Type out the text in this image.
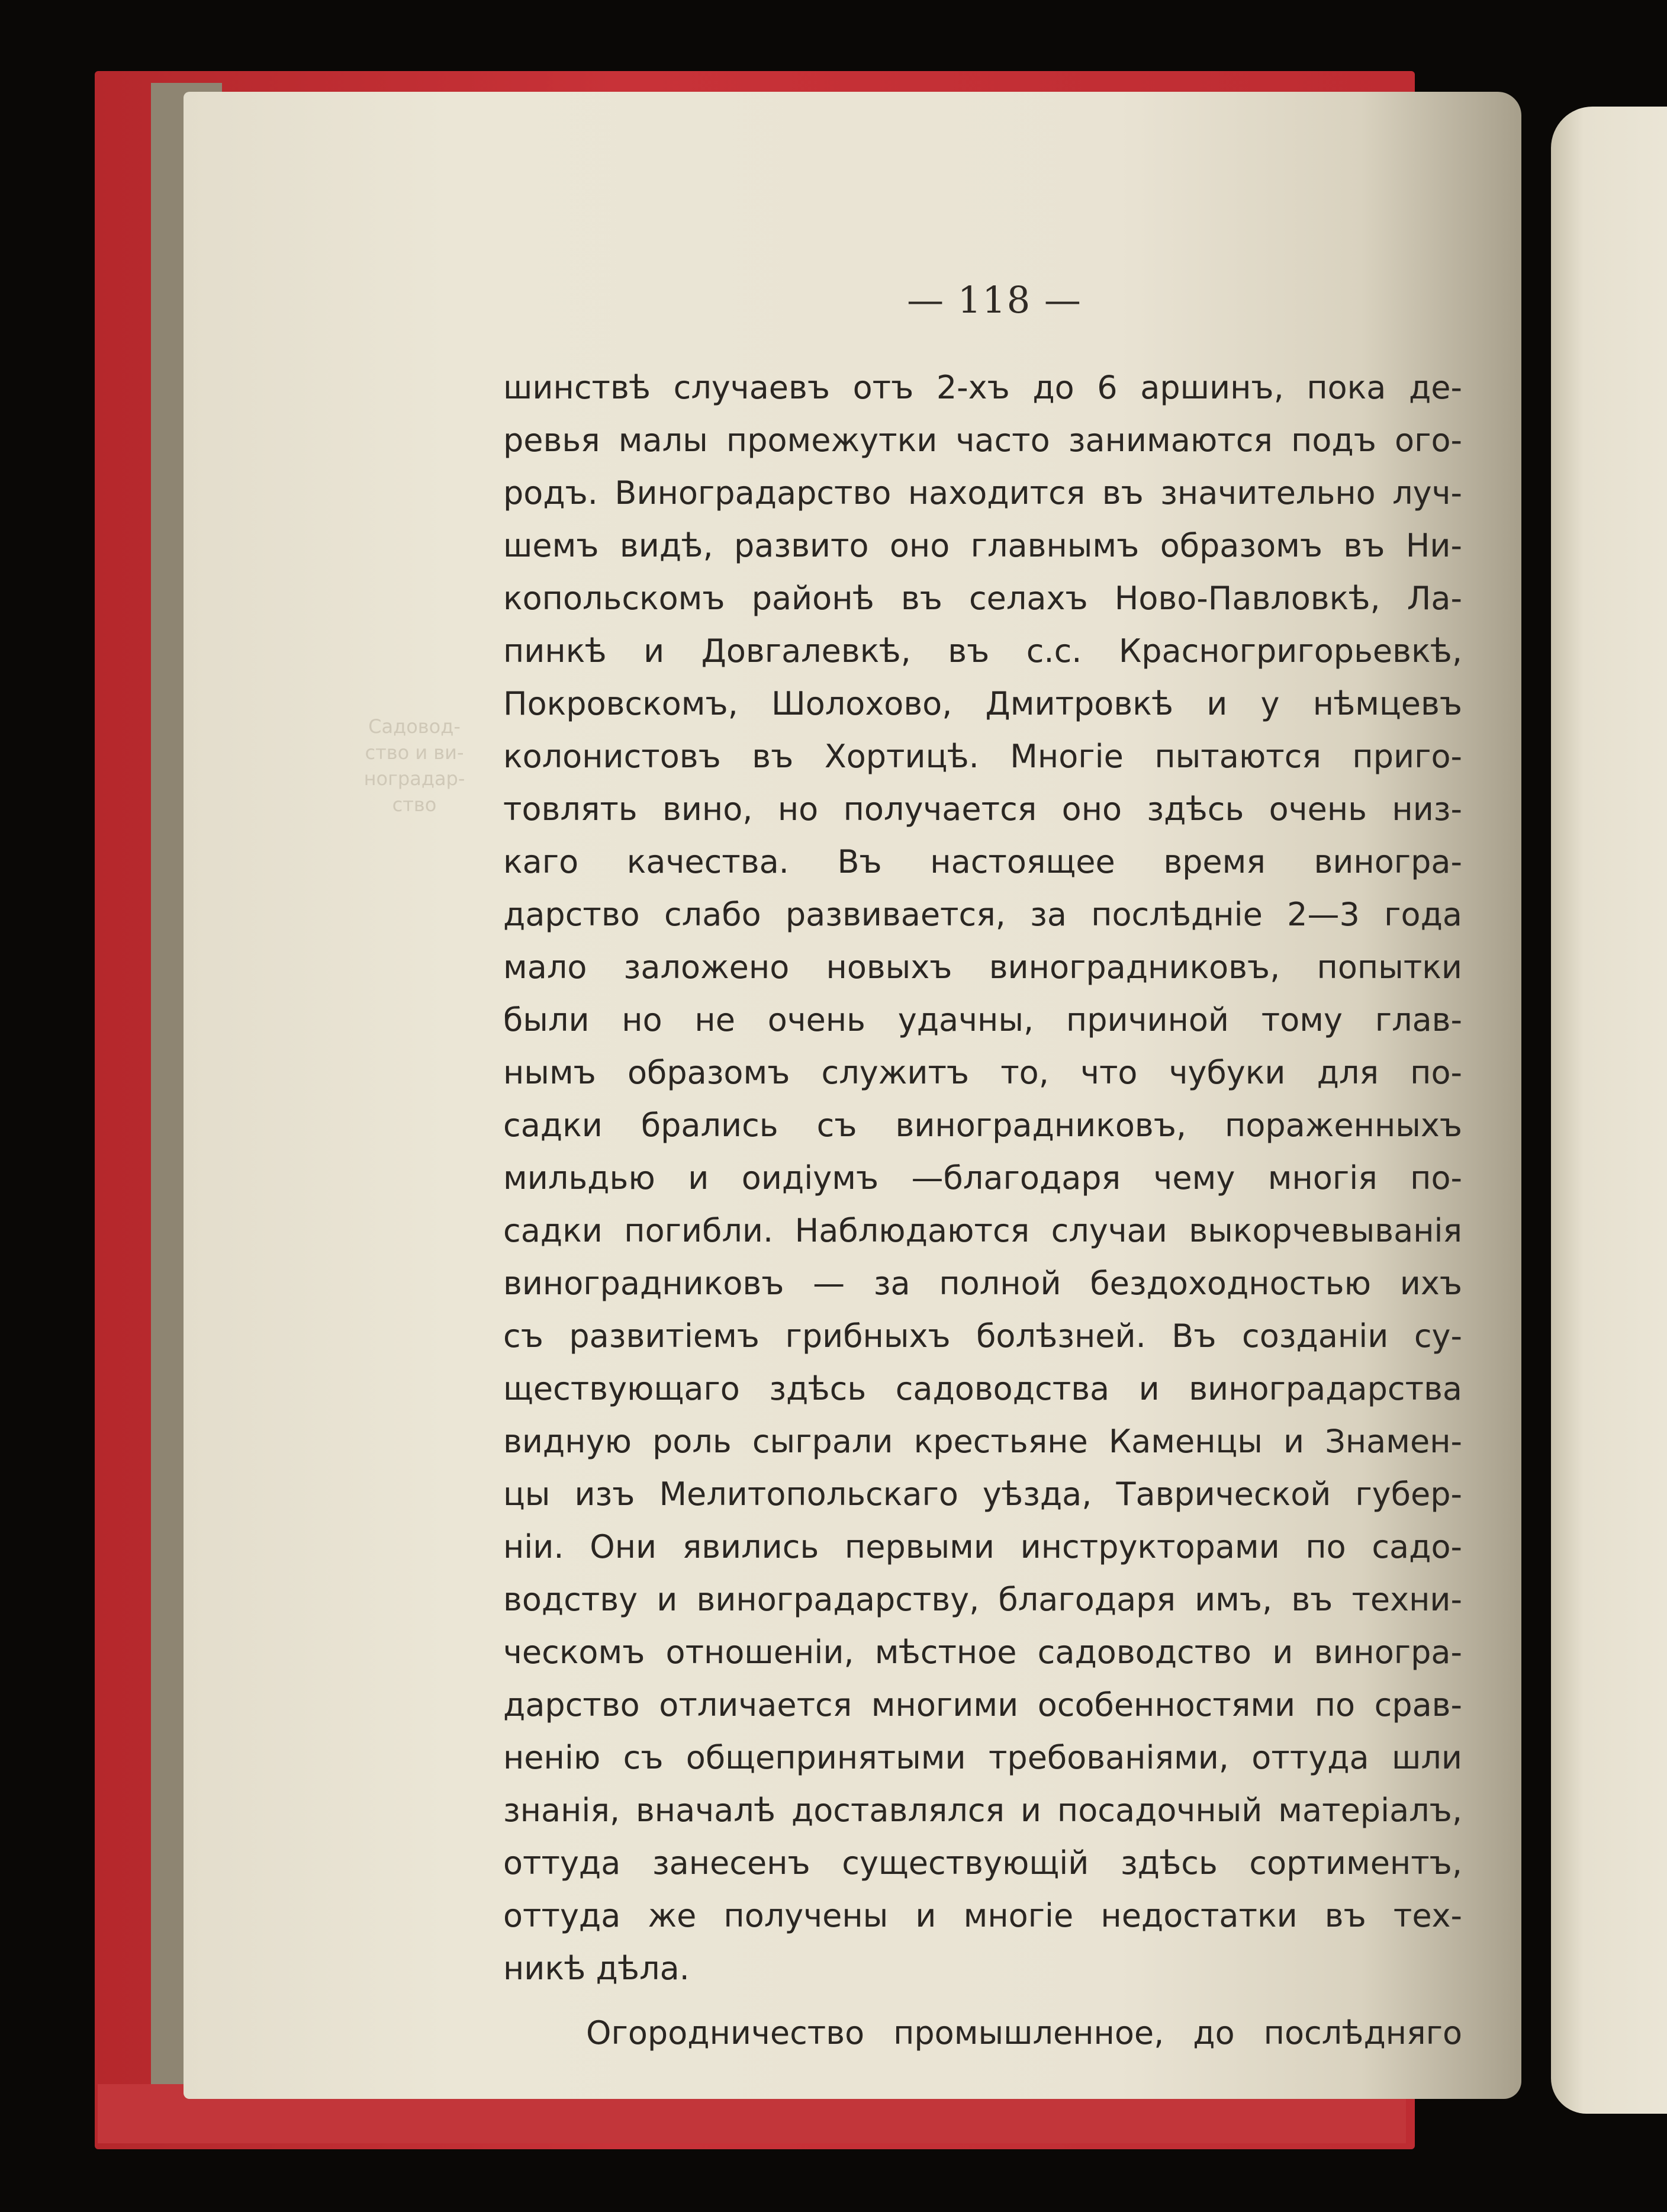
— 118 —
Садовод-
ство и ви-
ноградар-
ство
шинствѣ случаевъ отъ 2-хъ до 6 аршинъ, пока де-
ревья малы промежутки часто занимаются подъ ого-
родъ. Виноградарство находится въ значительно луч-
шемъ видѣ, развито оно главнымъ образомъ въ Ни-
копольскомъ районѣ въ селахъ Ново-Павловкѣ, Ла-
пинкѣ и Довгалевкѣ, въ с.с. Красногригорьевкѣ,
Покровскомъ, Шолохово, Дмитровкѣ и у нѣмцевъ
колонистовъ въ Хортицѣ. Многіе пытаются приго-
товлять вино, но получается оно здѣсь очень низ-
каго качества. Въ настоящее время виногра-
дарство слабо развивается, за послѣдніе 2—3 года
мало заложено новыхъ виноградниковъ, попытки
были но не очень удачны, причиной тому глав-
нымъ образомъ служитъ то, что чубуки для по-
садки брались съ виноградниковъ, пораженныхъ
мильдью и оидіумъ —благодаря чему многія по-
садки погибли. Наблюдаются случаи выкорчевыванія
виноградниковъ — за полной бездоходностью ихъ
съ развитіемъ грибныхъ болѣзней. Въ созданіи су-
ществующаго здѣсь садоводства и виноградарства
видную роль сыграли крестьяне Каменцы и Знамен-
цы изъ Мелитопольскаго уѣзда, Таврической губер-
ніи. Они явились первыми инструкторами по садо-
водству и виноградарству, благодаря имъ, въ техни-
ческомъ отношеніи, мѣстное садоводство и виногра-
дарство отличается многими особенностями по срав-
ненію съ общепринятыми требованіями, оттуда шли
знанія, вначалѣ доставлялся и посадочный матеріалъ,
оттуда занесенъ существующій здѣсь сортиментъ,
оттуда же получены и многіе недостатки въ тех-
никѣ дѣла.
Огородничество промышленное, до послѣдняго
